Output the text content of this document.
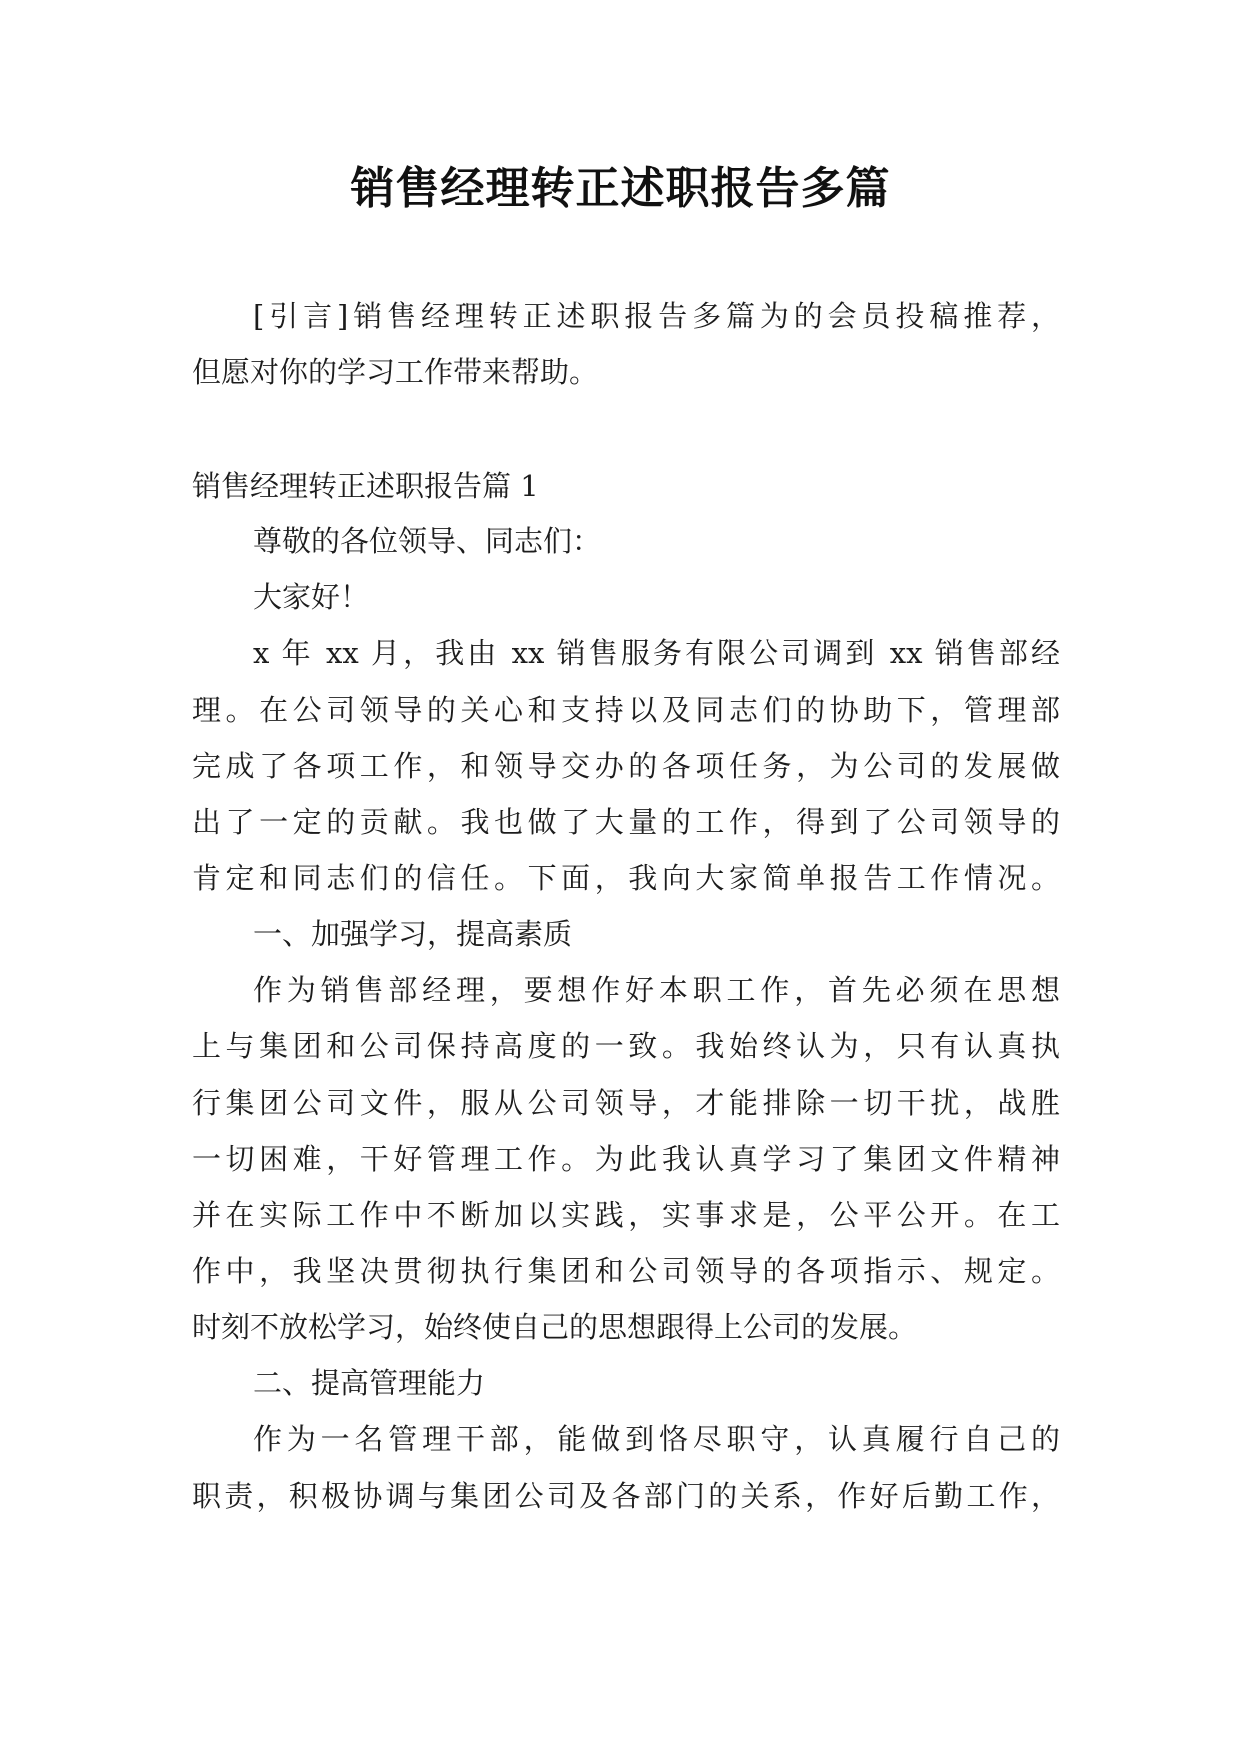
销售经理转正述职报告多篇
[引言]销售经理转正述职报告多篇为的会员投稿推荐，
但愿对你的学习工作带来帮助。
销售经理转正述职报告篇 1
尊敬的各位领导、同志们：
大家好！
x 年 xx 月，我由 xx 销售服务有限公司调到 xx 销售部经
理。在公司领导的关心和支持以及同志们的协助下，管理部
完成了各项工作，和领导交办的各项任务，为公司的发展做
出了一定的贡献。我也做了大量的工作，得到了公司领导的
肯定和同志们的信任。下面，我向大家简单报告工作情况。
一、加强学习，提高素质
作为销售部经理，要想作好本职工作，首先必须在思想
上与集团和公司保持高度的一致。我始终认为，只有认真执
行集团公司文件，服从公司领导，才能排除一切干扰，战胜
一切困难，干好管理工作。为此我认真学习了集团文件精神
并在实际工作中不断加以实践，实事求是，公平公开。在工
作中，我坚决贯彻执行集团和公司领导的各项指示、规定。
时刻不放松学习，始终使自己的思想跟得上公司的发展。
二、提高管理能力
作为一名管理干部，能做到恪尽职守，认真履行自己的
职责，积极协调与集团公司及各部门的关系，作好后勤工作，
